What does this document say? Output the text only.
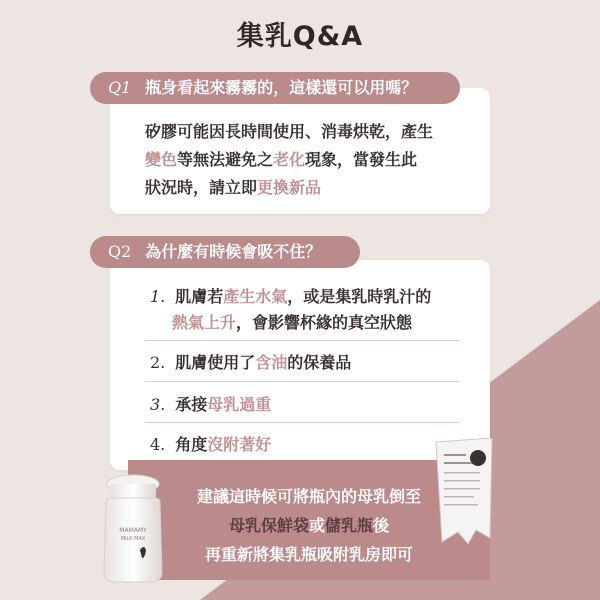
集乳Q&A
Q1 瓶身看起來霧霧的，這樣還可以用嗎？
矽膠可能因長時間使用、消毒烘乾，產生
變色等無法避免之老化現象，當發生此
狀況時，請立即更換新品
Q2 為什麼有時候會吸不住？
1. 肌膚若產生水氣，或是集乳時乳汁的
熱氣上升，會影響杯緣的真空狀態
2. 肌膚使用了含油的保養品
3. 承接母乳過重
4. 角度沒附著好
建議這時候可將瓶內的母乳倒至
母乳保鮮袋或儲乳瓶後
再重新將集乳瓶吸附乳房即可
MAMAMY
MILK MAX
